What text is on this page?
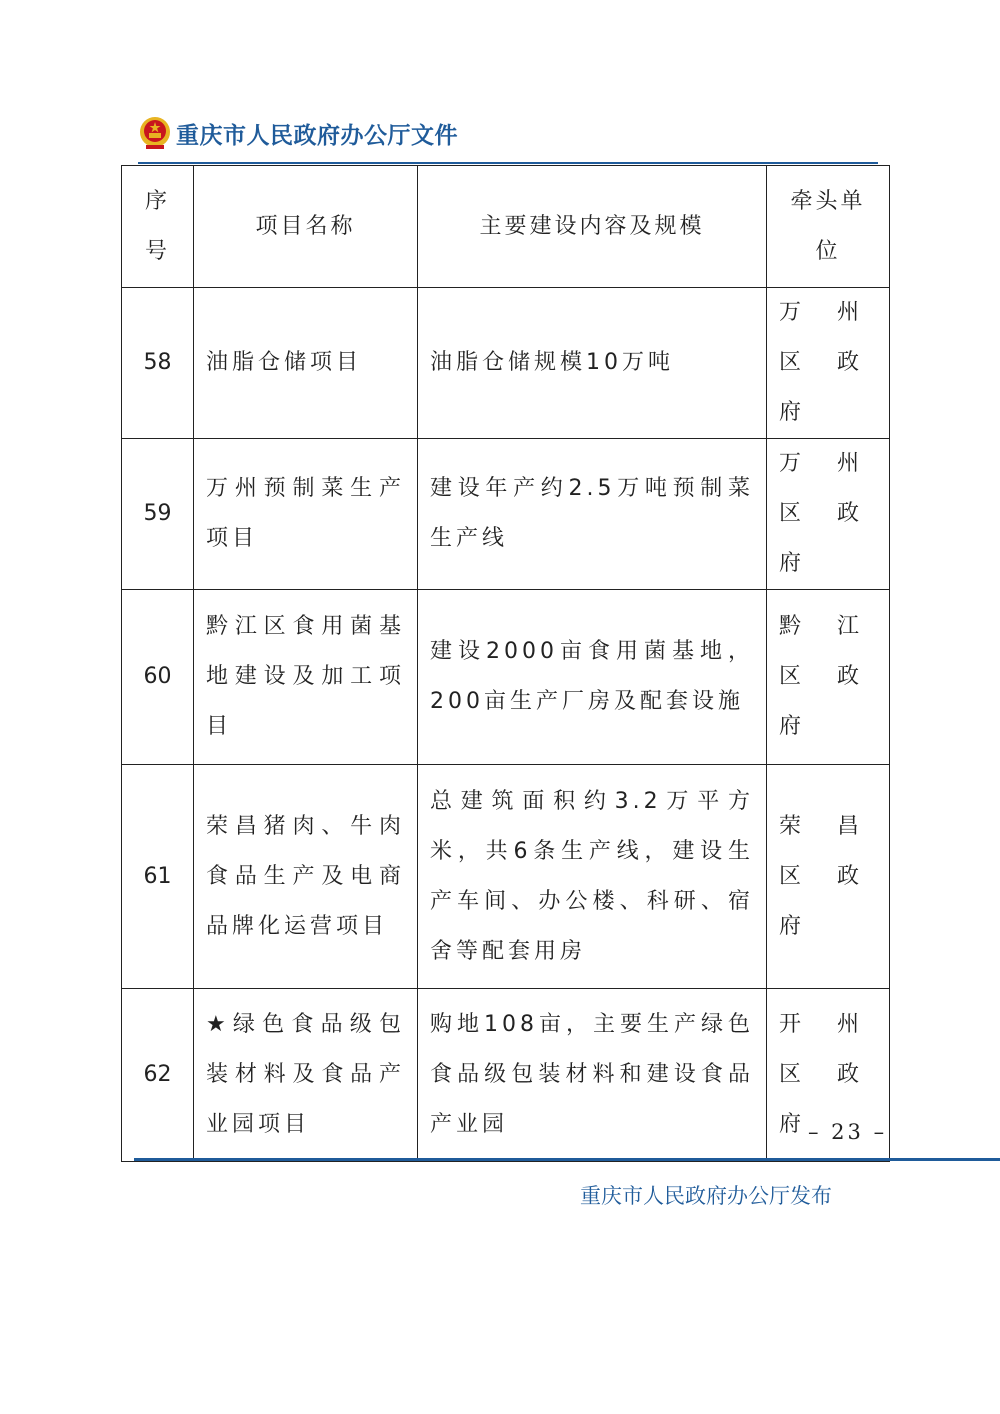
重庆市人民政府办公厅文件
序号	项目名称	主要建设内容及规模	牵头单位
58	油脂仓储项目	油脂仓储规模10万吨	万州区政府
59	万州预制菜生产项目	建设年产约2.5万吨预制菜生产线	万州区政府
60	黔江区食用菌基地建设及加工项目	建设2000亩食用菌基地，200亩生产厂房及配套设施	黔江区政府
61	荣昌猪肉、牛肉食品生产及电商品牌化运营项目	总建筑面积约3.2万平方米，共6条生产线，建设生产车间、办公楼、科研、宿舍等配套用房	荣昌区政府
62	★绿色食品级包装材料及食品产业园项目	购地108亩，主要生产绿色食品级包装材料和建设食品产业园	开州区政府
– 23 –
重庆市人民政府办公厅发布
